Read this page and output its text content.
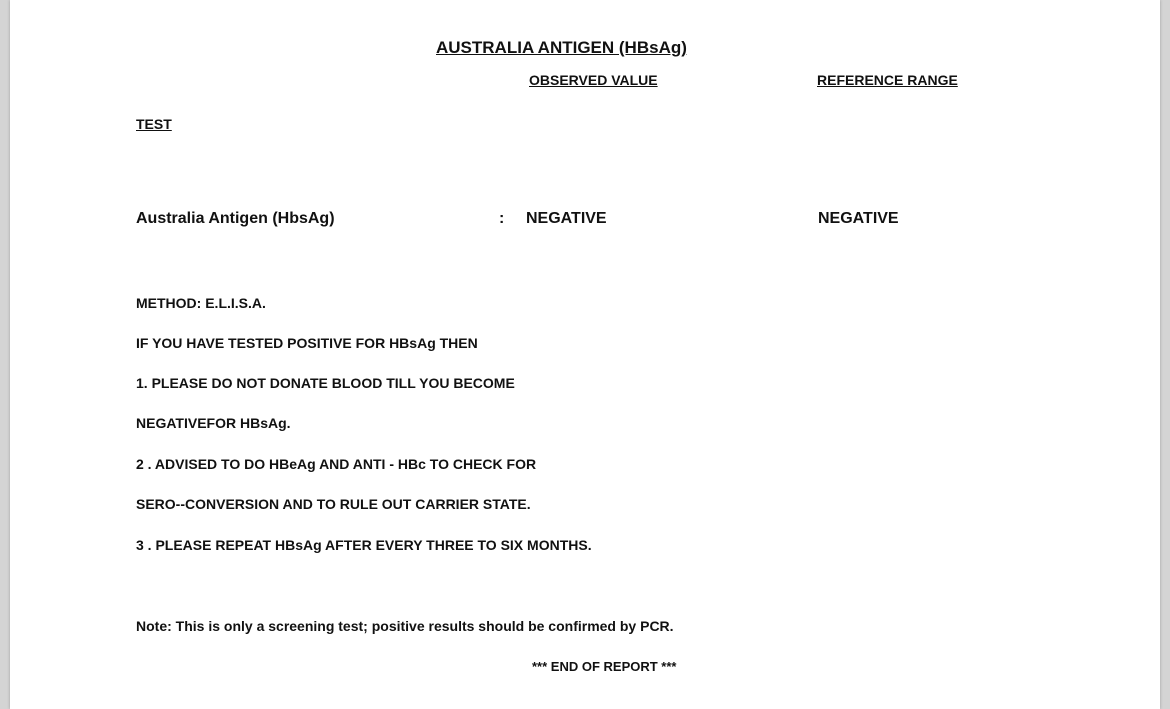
AUSTRALIA ANTIGEN (HBsAg)
OBSERVED VALUE	REFERENCE RANGE
TEST
Australia Antigen (HbsAg)	: NEGATIVE	NEGATIVE
METHOD: E.L.I.S.A.
IF YOU HAVE TESTED POSITIVE FOR HBsAg THEN
1. PLEASE DO NOT DONATE BLOOD TILL YOU BECOME
NEGATIVEFOR HBsAg.
2 . ADVISED TO DO HBeAg AND ANTI - HBc TO CHECK FOR
SERO--CONVERSION AND TO RULE OUT CARRIER STATE.
3 . PLEASE REPEAT HBsAg AFTER EVERY THREE TO SIX MONTHS.
Note: This is only a screening test; positive results should be confirmed by PCR.
*** END OF REPORT ***
